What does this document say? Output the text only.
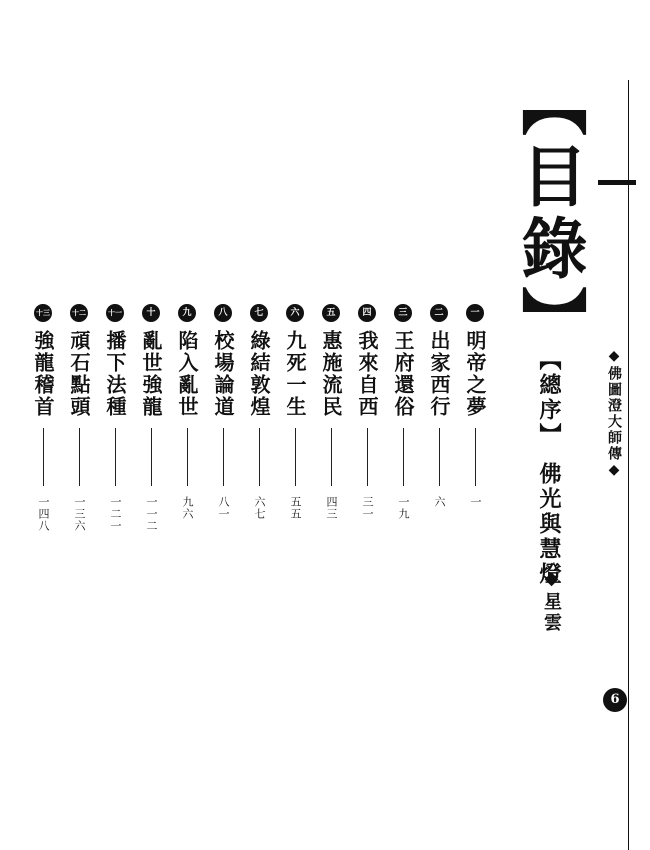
【目錄】
◆佛圖澄大師傳◆
6
【總序】佛光與慧燈
◆星雲
一
明帝之夢
一
二
出家西行
六
三
王府還俗
一九
四
我來自西
三一
五
惠施流民
四三
六
九死一生
五五
七
綠結敦煌
六七
八
校場論道
八一
九
陷入亂世
九六
十
亂世強龍
一一二
十一
播下法種
一二一
十二
頑石點頭
一三六
十三
強龍稽首
一四八
